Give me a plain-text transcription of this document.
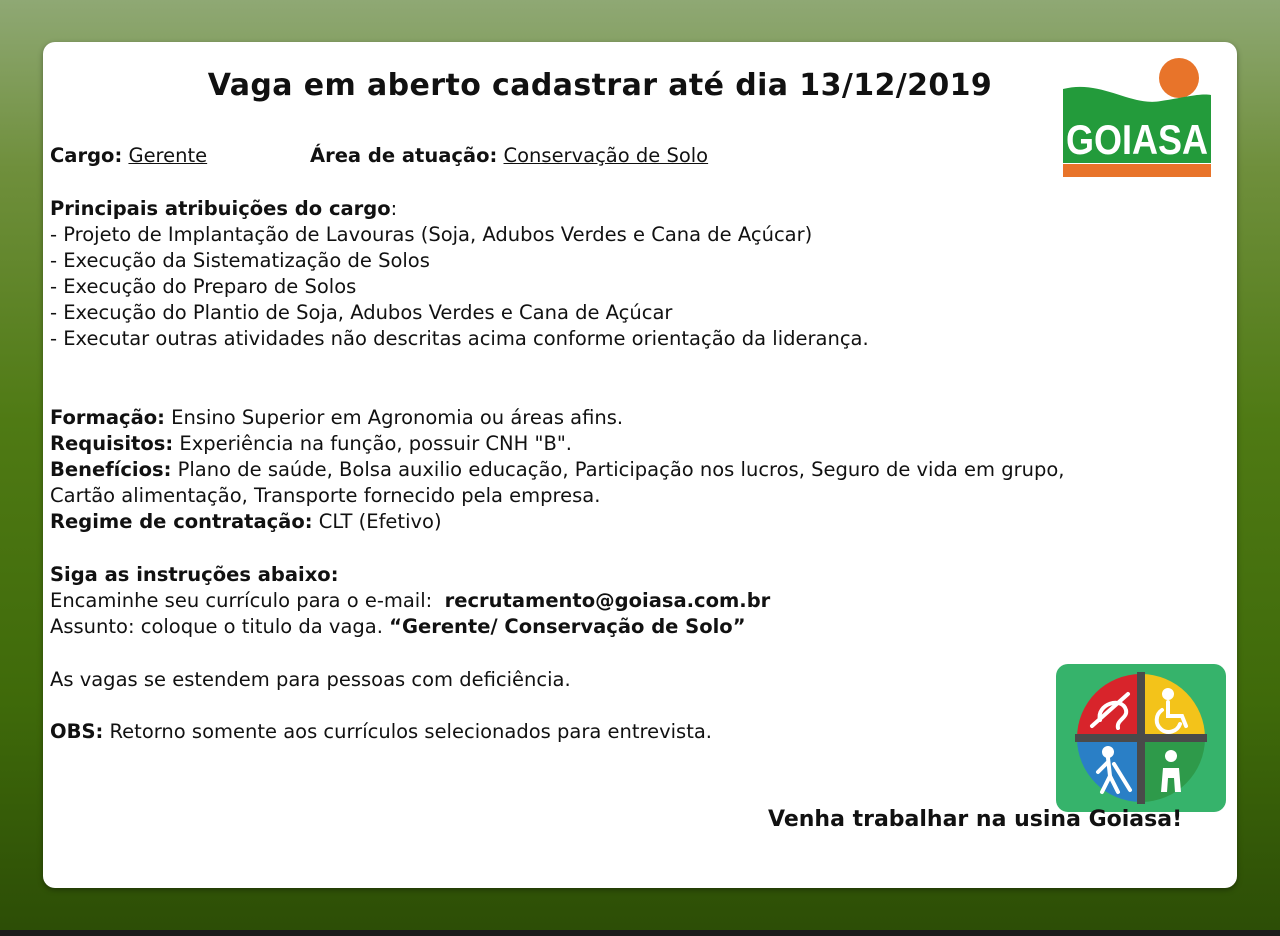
Vaga em aberto cadastrar até dia 13/12/2019
GOIASA
Cargo: Gerente	Área de atuação: Conservação de Solo
Principais atribuições do cargo:
- Projeto de Implantação de Lavouras (Soja, Adubos Verdes e Cana de Açúcar)
- Execução da Sistematização de Solos
- Execução do Preparo de Solos
- Execução do Plantio de Soja, Adubos Verdes e Cana de Açúcar
- Executar outras atividades não descritas acima conforme orientação da liderança.
Formação: Ensino Superior em Agronomia ou áreas afins.
Requisitos: Experiência na função, possuir CNH "B".
Benefícios: Plano de saúde, Bolsa auxilio educação, Participação nos lucros, Seguro de vida em grupo,
Cartão alimentação, Transporte fornecido pela empresa.
Regime de contratação: CLT (Efetivo)
Siga as instruções abaixo:
Encaminhe seu currículo para o e-mail: recrutamento@goiasa.com.br
Assunto: coloque o titulo da vaga. “Gerente/ Conservação de Solo”
As vagas se estendem para pessoas com deficiência.
OBS: Retorno somente aos currículos selecionados para entrevista.
Venha trabalhar na usina Goiasa!
